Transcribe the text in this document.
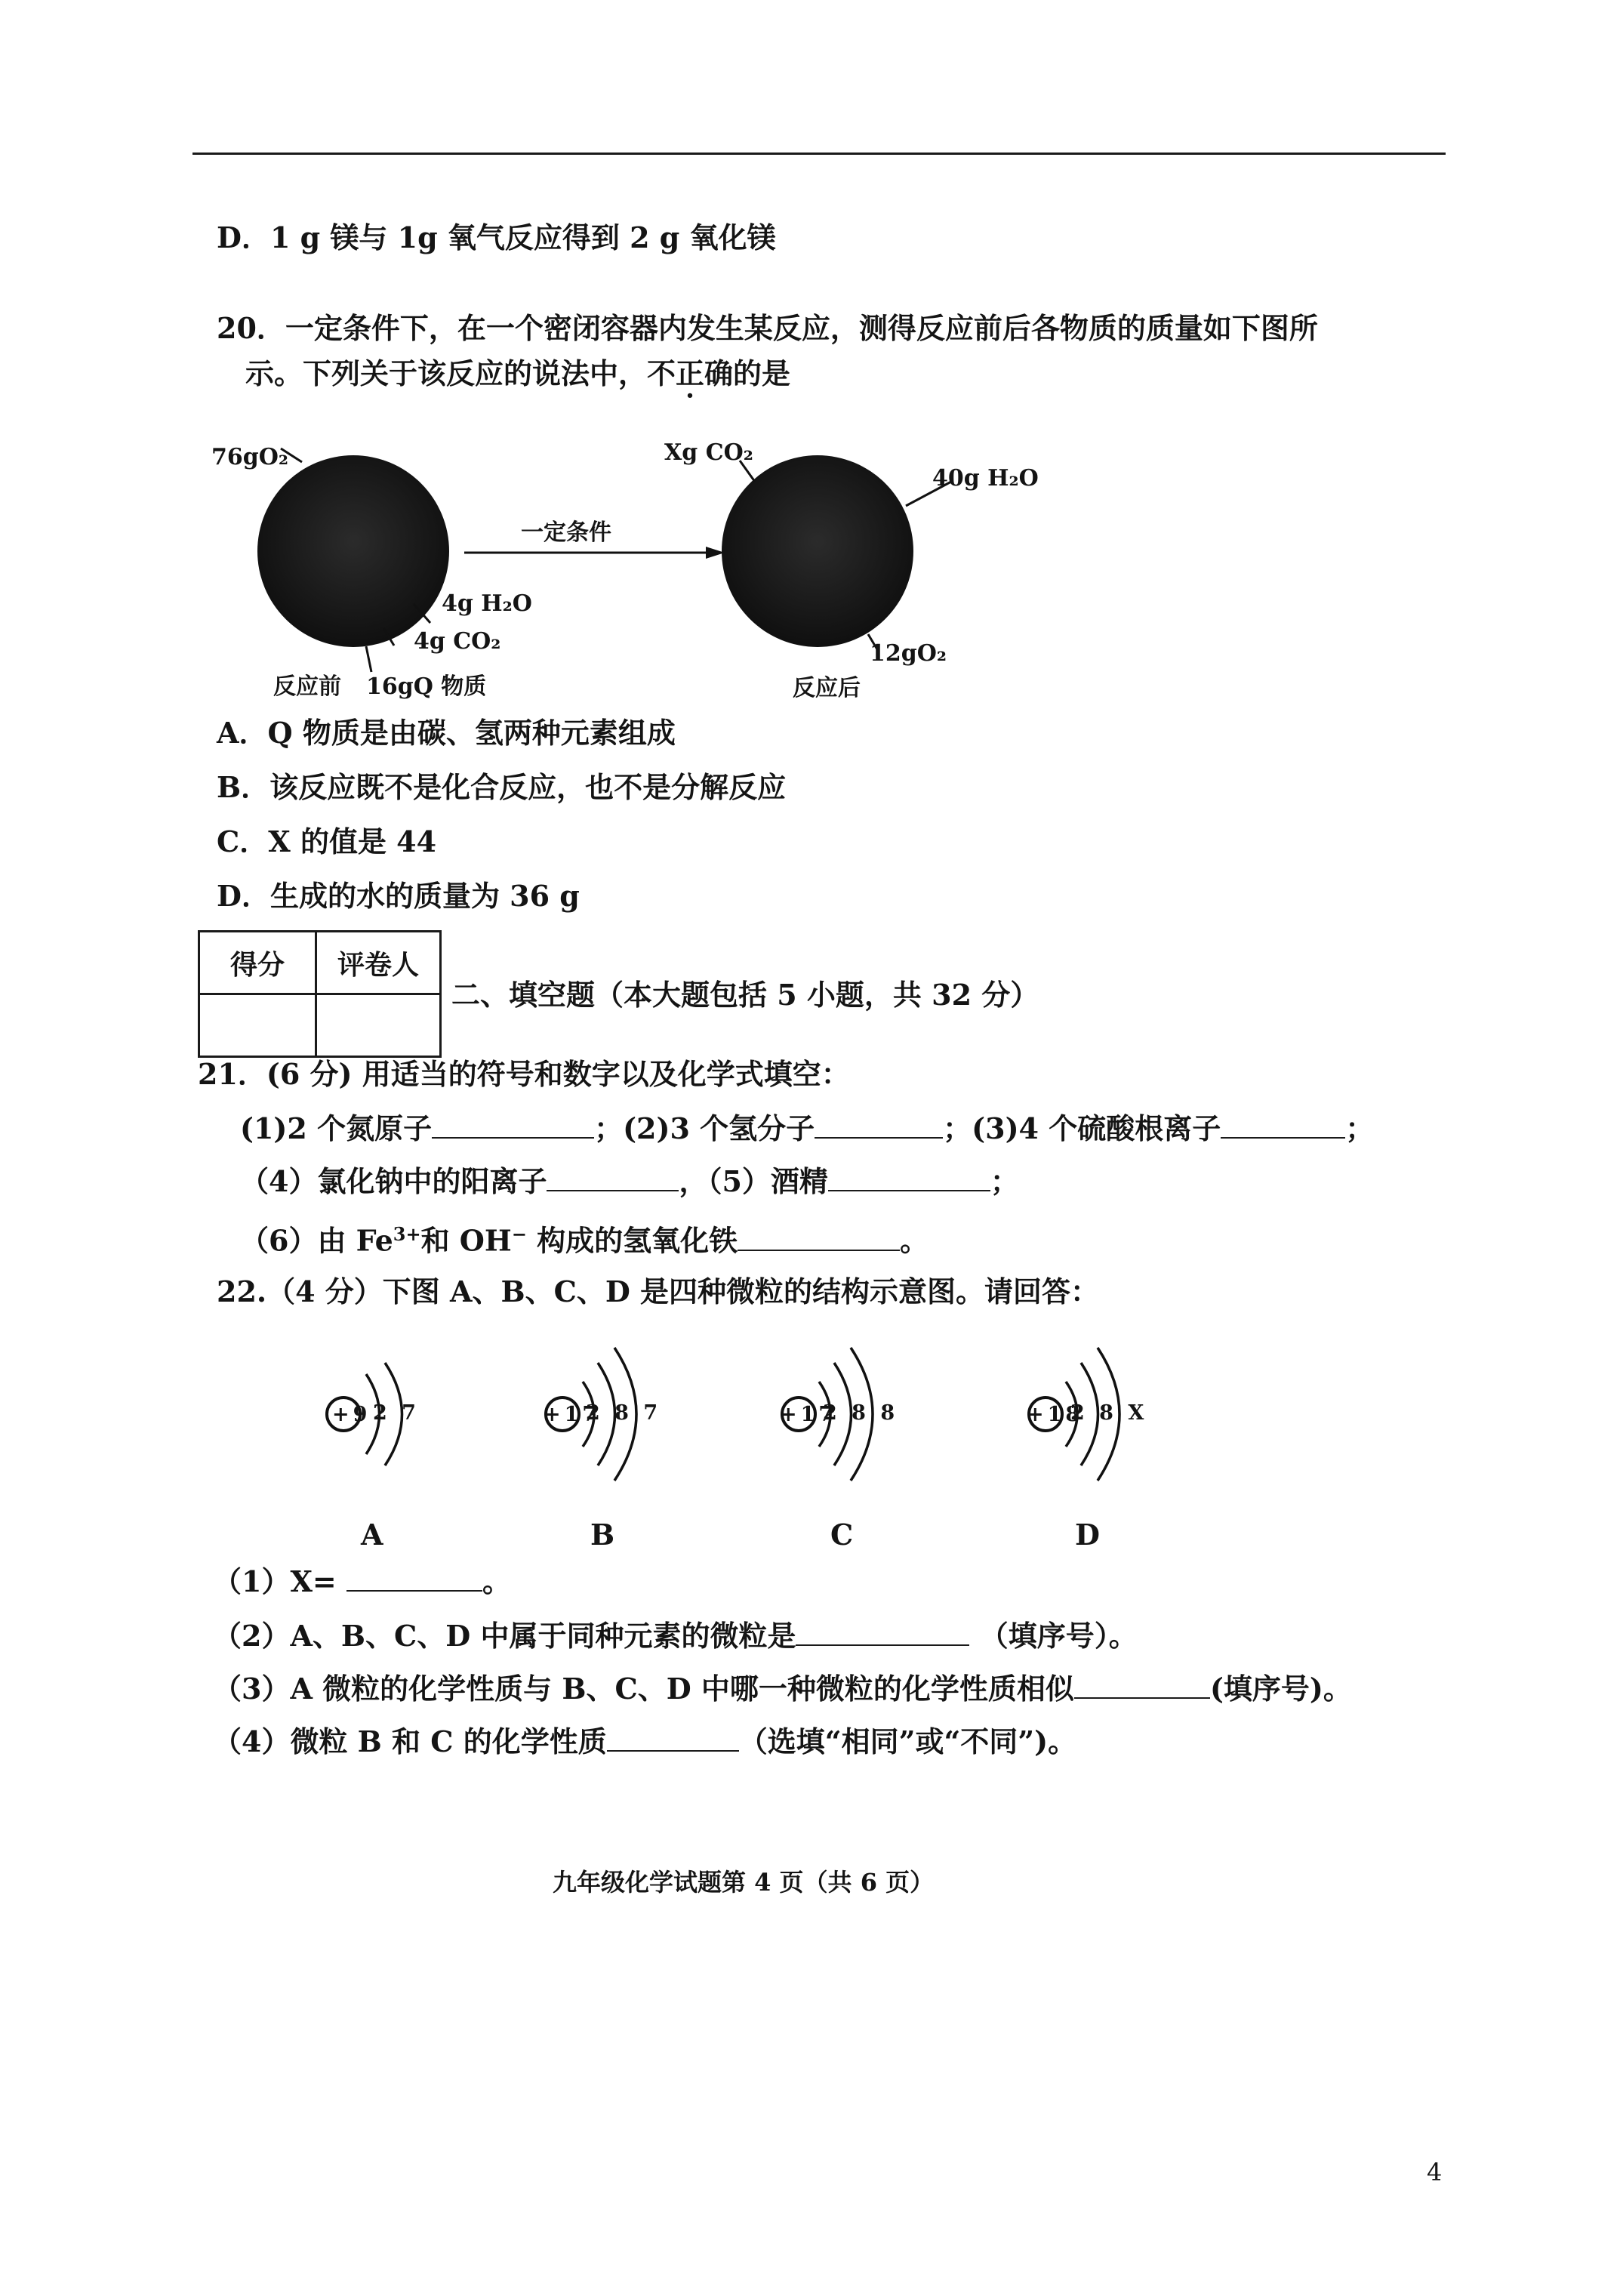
D．1 g 镁与 1g 氧气反应得到 2 g 氧化镁
20．一定条件下，在一个密闭容器内发生某反应，测得反应前后各物质的质量如下图所
示。下列关于该反应的说法中，不正确的是
76gO₂
4g H₂O
4g CO₂
反应前 16gQ 物质
一定条件
Xg CO₂
40g H₂O
12gO₂
反应后
A．Q 物质是由碳、氢两种元素组成
B．该反应既不是化合反应，也不是分解反应
C．X 的值是 44
D．生成的水的质量为 36 g
得分	评卷人

二、填空题（本大题包括 5 小题，共 32 分）
21．(6 分) 用适当的符号和数字以及化学式填空：
(1)2 个氮原子	；(2)3 个氢分子	；(3)4 个硫酸根离子	；
（4）氯化钠中的阳离子	，（5）酒精	；
（6）由 $Fe^{3+}$和 OH− 构成的氢氧化铁	。
22.（4 分）下图 A、B、C、D 是四种微粒的结构示意图。请回答：
+9 2 7	+17
2 8 7	+17
2 8 8	+18
2 8 X
A	B	C	D
（1）X=	。
（2）A、B、C、D 中属于同种元素的微粒是	（填序号）。
（3）A 微粒的化学性质与 B、C、D 中哪一种微粒的化学性质相似	(填序号)。
（4）微粒 B 和 C 的化学性质	（选填“相同”或“不同”)。
九年级化学试题第 4 页（共 6 页）
4
